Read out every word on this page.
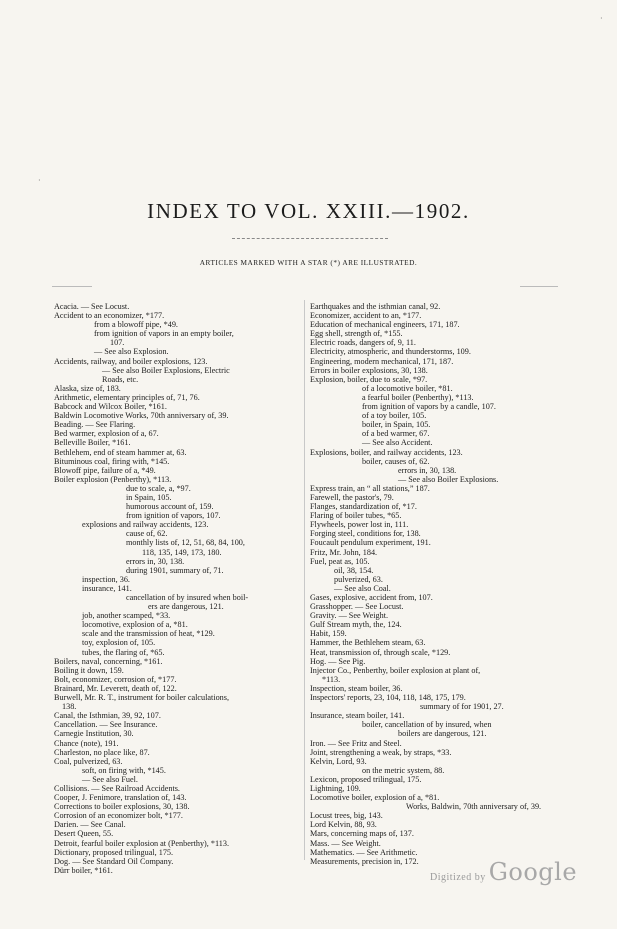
·
·
INDEX TO VOL. XXIII.—1902.
ARTICLES MARKED WITH A STAR (*) ARE ILLUSTRATED.
Acacia. — See Locust.
Accident to an economizer, *177.
from a blowoff pipe, *49.
from ignition of vapors in an empty boiler,
107.
— See also Explosion.
Accidents, railway, and boiler explosions, 123.
— See also Boiler Explosions, Electric
Roads, etc.
Alaska, size of, 183.
Arithmetic, elementary principles of, 71, 76.
Babcock and Wilcox Boiler, *161.
Baldwin Locomotive Works, 70th anniversary of, 39.
Beading. — See Flaring.
Bed warmer, explosion of a, 67.
Belleville Boiler, *161.
Bethlehem, end of steam hammer at, 63.
Bituminous coal, firing with, *145.
Blowoff pipe, failure of a, *49.
Boiler explosion (Penberthy), *113.
due to scale, a, *97.
in Spain, 105.
humorous account of, 159.
from ignition of vapors, 107.
explosions and railway accidents, 123.
cause of, 62.
monthly lists of, 12, 51, 68, 84, 100,
118, 135, 149, 173, 180.
errors in, 30, 138.
during 1901, summary of, 71.
inspection, 36.
insurance, 141.
cancellation of by insured when boil-
ers are dangerous, 121.
job, another scamped, *33.
locomotive, explosion of a, *81.
scale and the transmission of heat, *129.
toy, explosion of, 105.
tubes, the flaring of, *65.
Boilers, naval, concerning, *161.
Boiling it down, 159.
Bolt, economizer, corrosion of, *177.
Brainard, Mr. Leverett, death of, 122.
Burwell, Mr. R. T., instrument for boiler calculations,
138.
Canal, the Isthmian, 39, 92, 107.
Cancellation. — See Insurance.
Carnegie Institution, 30.
Chance (note), 191.
Charleston, no place like, 87.
Coal, pulverized, 63.
soft, on firing with, *145.
— See also Fuel.
Collisions. — See Railroad Accidents.
Cooper, J. Fenimore, translation of, 143.
Corrections to boiler explosions, 30, 138.
Corrosion of an economizer bolt, *177.
Darien. — See Canal.
Desert Queen, 55.
Detroit, fearful boiler explosion at (Penberthy), *113.
Dictionary, proposed trilingual, 175.
Dog. — See Standard Oil Company.
Dürr boiler, *161.
Earthquakes and the isthmian canal, 92.
Economizer, accident to an, *177.
Education of mechanical engineers, 171, 187.
Egg shell, strength of, *155.
Electric roads, dangers of, 9, 11.
Electricity, atmospheric, and thunderstorms, 109.
Engineering, modern mechanical, 171, 187.
Errors in boiler explosions, 30, 138.
Explosion, boiler, due to scale, *97.
of a locomotive boiler, *81.
a fearful boiler (Penberthy), *113.
from ignition of vapors by a candle, 107.
of a toy boiler, 105.
boiler, in Spain, 105.
of a bed warmer, 67.
— See also Accident.
Explosions, boiler, and railway accidents, 123.
boiler, causes of, 62.
errors in, 30, 138.
— See also Boiler Explosions.
Express train, an “ all stations,” 187.
Farewell, the pastor's, 79.
Flanges, standardization of, *17.
Flaring of boiler tubes, *65.
Flywheels, power lost in, 111.
Forging steel, conditions for, 138.
Foucault pendulum experiment, 191.
Fritz, Mr. John, 184.
Fuel, peat as, 105.
oil, 38, 154.
pulverized, 63.
— See also Coal.
Gases, explosive, accident from, 107.
Grasshopper. — See Locust.
Gravity. — See Weight.
Gulf Stream myth, the, 124.
Habit, 159.
Hammer, the Bethlehem steam, 63.
Heat, transmission of, through scale, *129.
Hog. — See Pig.
Injector Co., Penberthy, boiler explosion at plant of,
*113.
Inspection, steam boiler, 36.
Inspectors' reports, 23, 104, 118, 148, 175, 179.
summary of for 1901, 27.
Insurance, steam boiler, 141.
boiler, cancellation of by insured, when
boilers are dangerous, 121.
Iron. — See Fritz and Steel.
Joint, strengthening a weak, by straps, *33.
Kelvin, Lord, 93.
on the metric system, 88.
Lexicon, proposed trilingual, 175.
Lightning, 109.
Locomotive boiler, explosion of a, *81.
Works, Baldwin, 70th anniversary of, 39.
Locust trees, big, 143.
Lord Kelvin, 88, 93.
Mars, concerning maps of, 137.
Mass. — See Weight.
Mathematics. — See Arithmetic.
Measurements, precision in, 172.
Digitized by Google
